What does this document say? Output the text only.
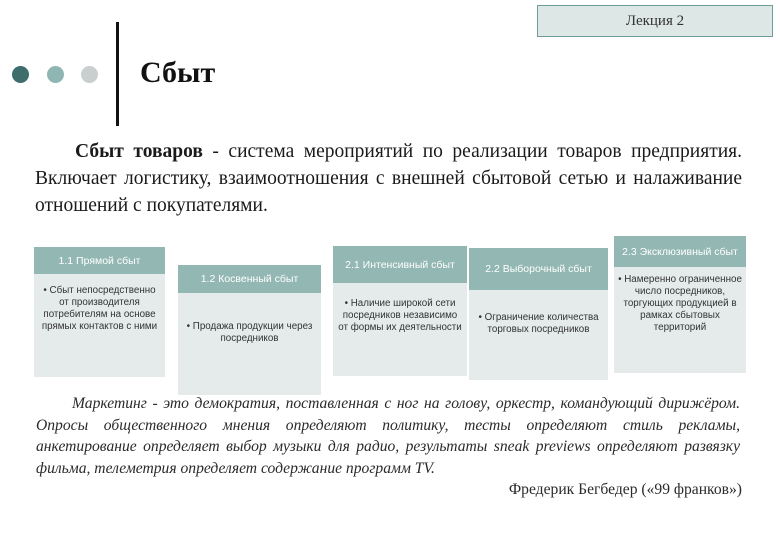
Лекция 2
Сбыт
Сбыт товаров - система мероприятий по реализации товаров предприятия. Включает логистику, взаимоотношения с внешней сбытовой сетью и налаживание отношений с покупателями.
1.1 Прямой сбыт
• Сбыт непосредственно от производителя потребителям на основе прямых контактов с ними
1.2 Косвенный сбыт
• Продажа продукции через посредников
2.1 Интенсивный сбыт
• Наличие широкой сети посредников независимо от формы их деятельности
2.2 Выборочный сбыт
• Ограничение количества торговых посредников
2.3 Эксклюзивный сбыт
• Намеренно ограниченное число посредников, торгующих продукцией в рамках сбытовых территорий
Маркетинг - это демократия, поставленная с ног на голову, оркестр, командующий дирижёром. Опросы общественного мнения определяют политику, тесты определяют стиль рекламы, анкетирование определяет выбор музыки для радио, результаты sneak previews определяют развязку фильма, телеметрия определяет содержание программ TV.
Фредерик Бегбедер («99 франков»)
